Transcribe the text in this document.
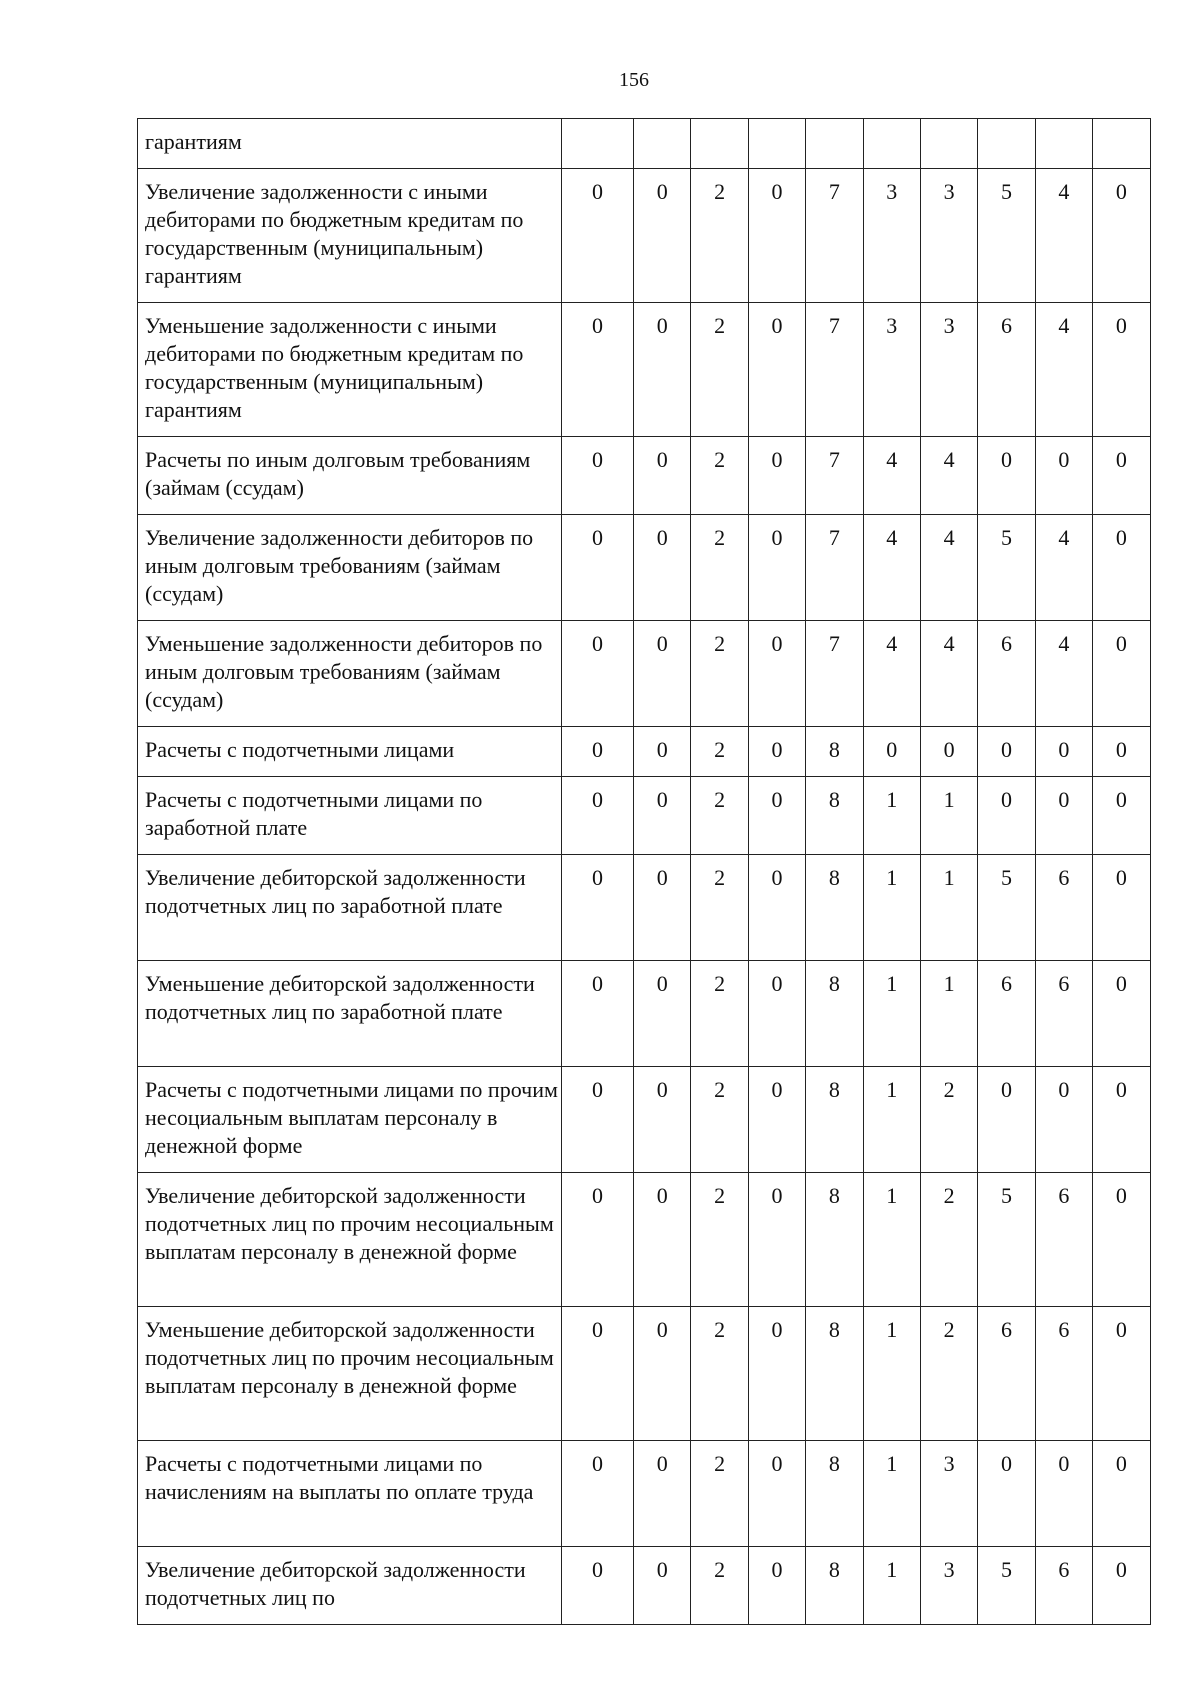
156
гарантиям										
Увеличение задолженности с иными дебиторами по бюджетным кредитам по государственным (муниципальным) гарантиям	0	0	2	0	7	3	3	5	4	0
Уменьшение задолженности с иными дебиторами по бюджетным кредитам по государственным (муниципальным) гарантиям	0	0	2	0	7	3	3	6	4	0
Расчеты по иным долговым требованиям (займам (ссудам)	0	0	2	0	7	4	4	0	0	0
Увеличение задолженности дебиторов по иным долговым требованиям (займам (ссудам)	0	0	2	0	7	4	4	5	4	0
Уменьшение задолженности дебиторов по иным долговым требованиям (займам (ссудам)	0	0	2	0	7	4	4	6	4	0
Расчеты с подотчетными лицами	0	0	2	0	8	0	0	0	0	0
Расчеты с подотчетными лицами по заработной плате	0	0	2	0	8	1	1	0	0	0
Увеличение дебиторской задолженности подотчетных лиц по заработной плате	0	0	2	0	8	1	1	5	6	0
Уменьшение дебиторской задолженности подотчетных лиц по заработной плате	0	0	2	0	8	1	1	6	6	0
Расчеты с подотчетными лицами по прочим несоциальным выплатам персоналу в денежной форме	0	0	2	0	8	1	2	0	0	0
Увеличение дебиторской задолженности подотчетных лиц по прочим несоциальным выплатам персоналу в денежной форме	0	0	2	0	8	1	2	5	6	0
Уменьшение дебиторской задолженности подотчетных лиц по прочим несоциальным выплатам персоналу в денежной форме	0	0	2	0	8	1	2	6	6	0
Расчеты с подотчетными лицами по начислениям на выплаты по оплате труда	0	0	2	0	8	1	3	0	0	0
Увеличение дебиторской задолженности подотчетных лиц по	0	0	2	0	8	1	3	5	6	0
